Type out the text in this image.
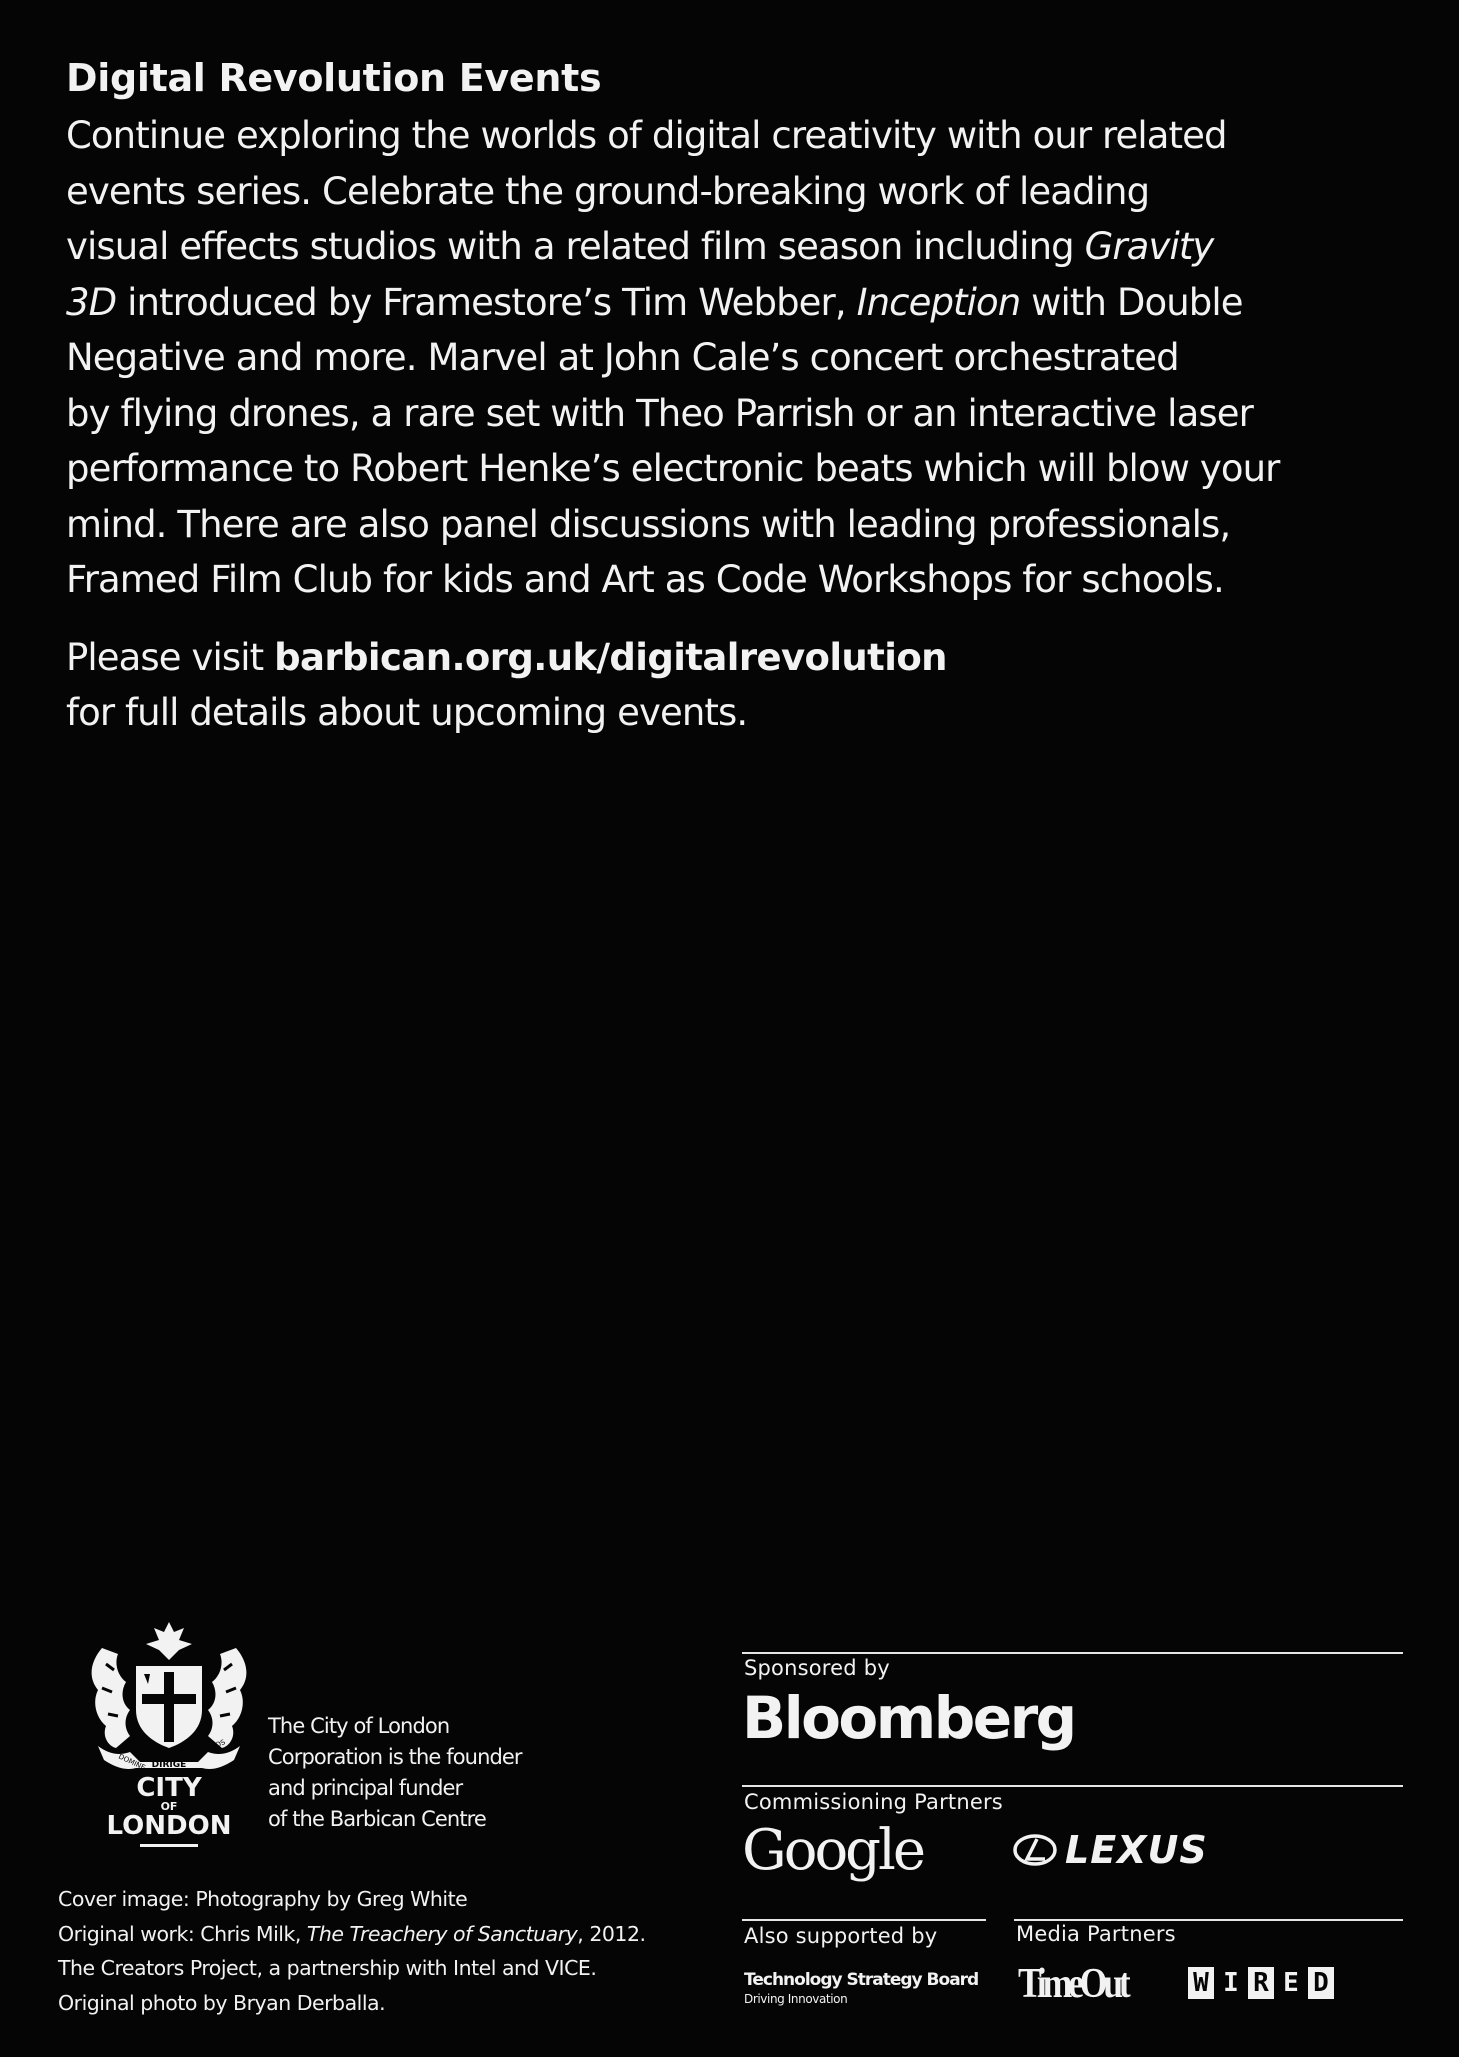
Digital Revolution Events

Continue exploring the worlds of digital creativity with our related
events series. Celebrate the ground-breaking work of leading
visual effects studios with a related film season including Gravity
3D introduced by Framestore’s Tim Webber, Inception with Double
Negative and more. Marvel at John Cale’s concert orchestrated
by flying drones, a rare set with Theo Parrish or an interactive laser
performance to Robert Henke’s electronic beats which will blow your
mind. There are also panel discussions with leading professionals,
Framed Film Club for kids and Art as Code Workshops for schools.

Please visit barbican.org.uk/digitalrevolution
for full details about upcoming events.
DIRIGE
DOMINE
NOS
CITY
OF
LONDON
The City of London
Corporation is the founder
and principal funder
of the Barbican Centre
Cover image: Photography by Greg White
Original work: Chris Milk, The Treachery of Sanctuary, 2012.
The Creators Project, a partnership with Intel and VICE.
Original photo by Bryan Derballa.
Sponsored by
Bloomberg
Commissioning Partners
Google	LEXUS
Also supported by	Media Partners
Technology Strategy Board
Driving Innovation	TimeOut	W I R E D
